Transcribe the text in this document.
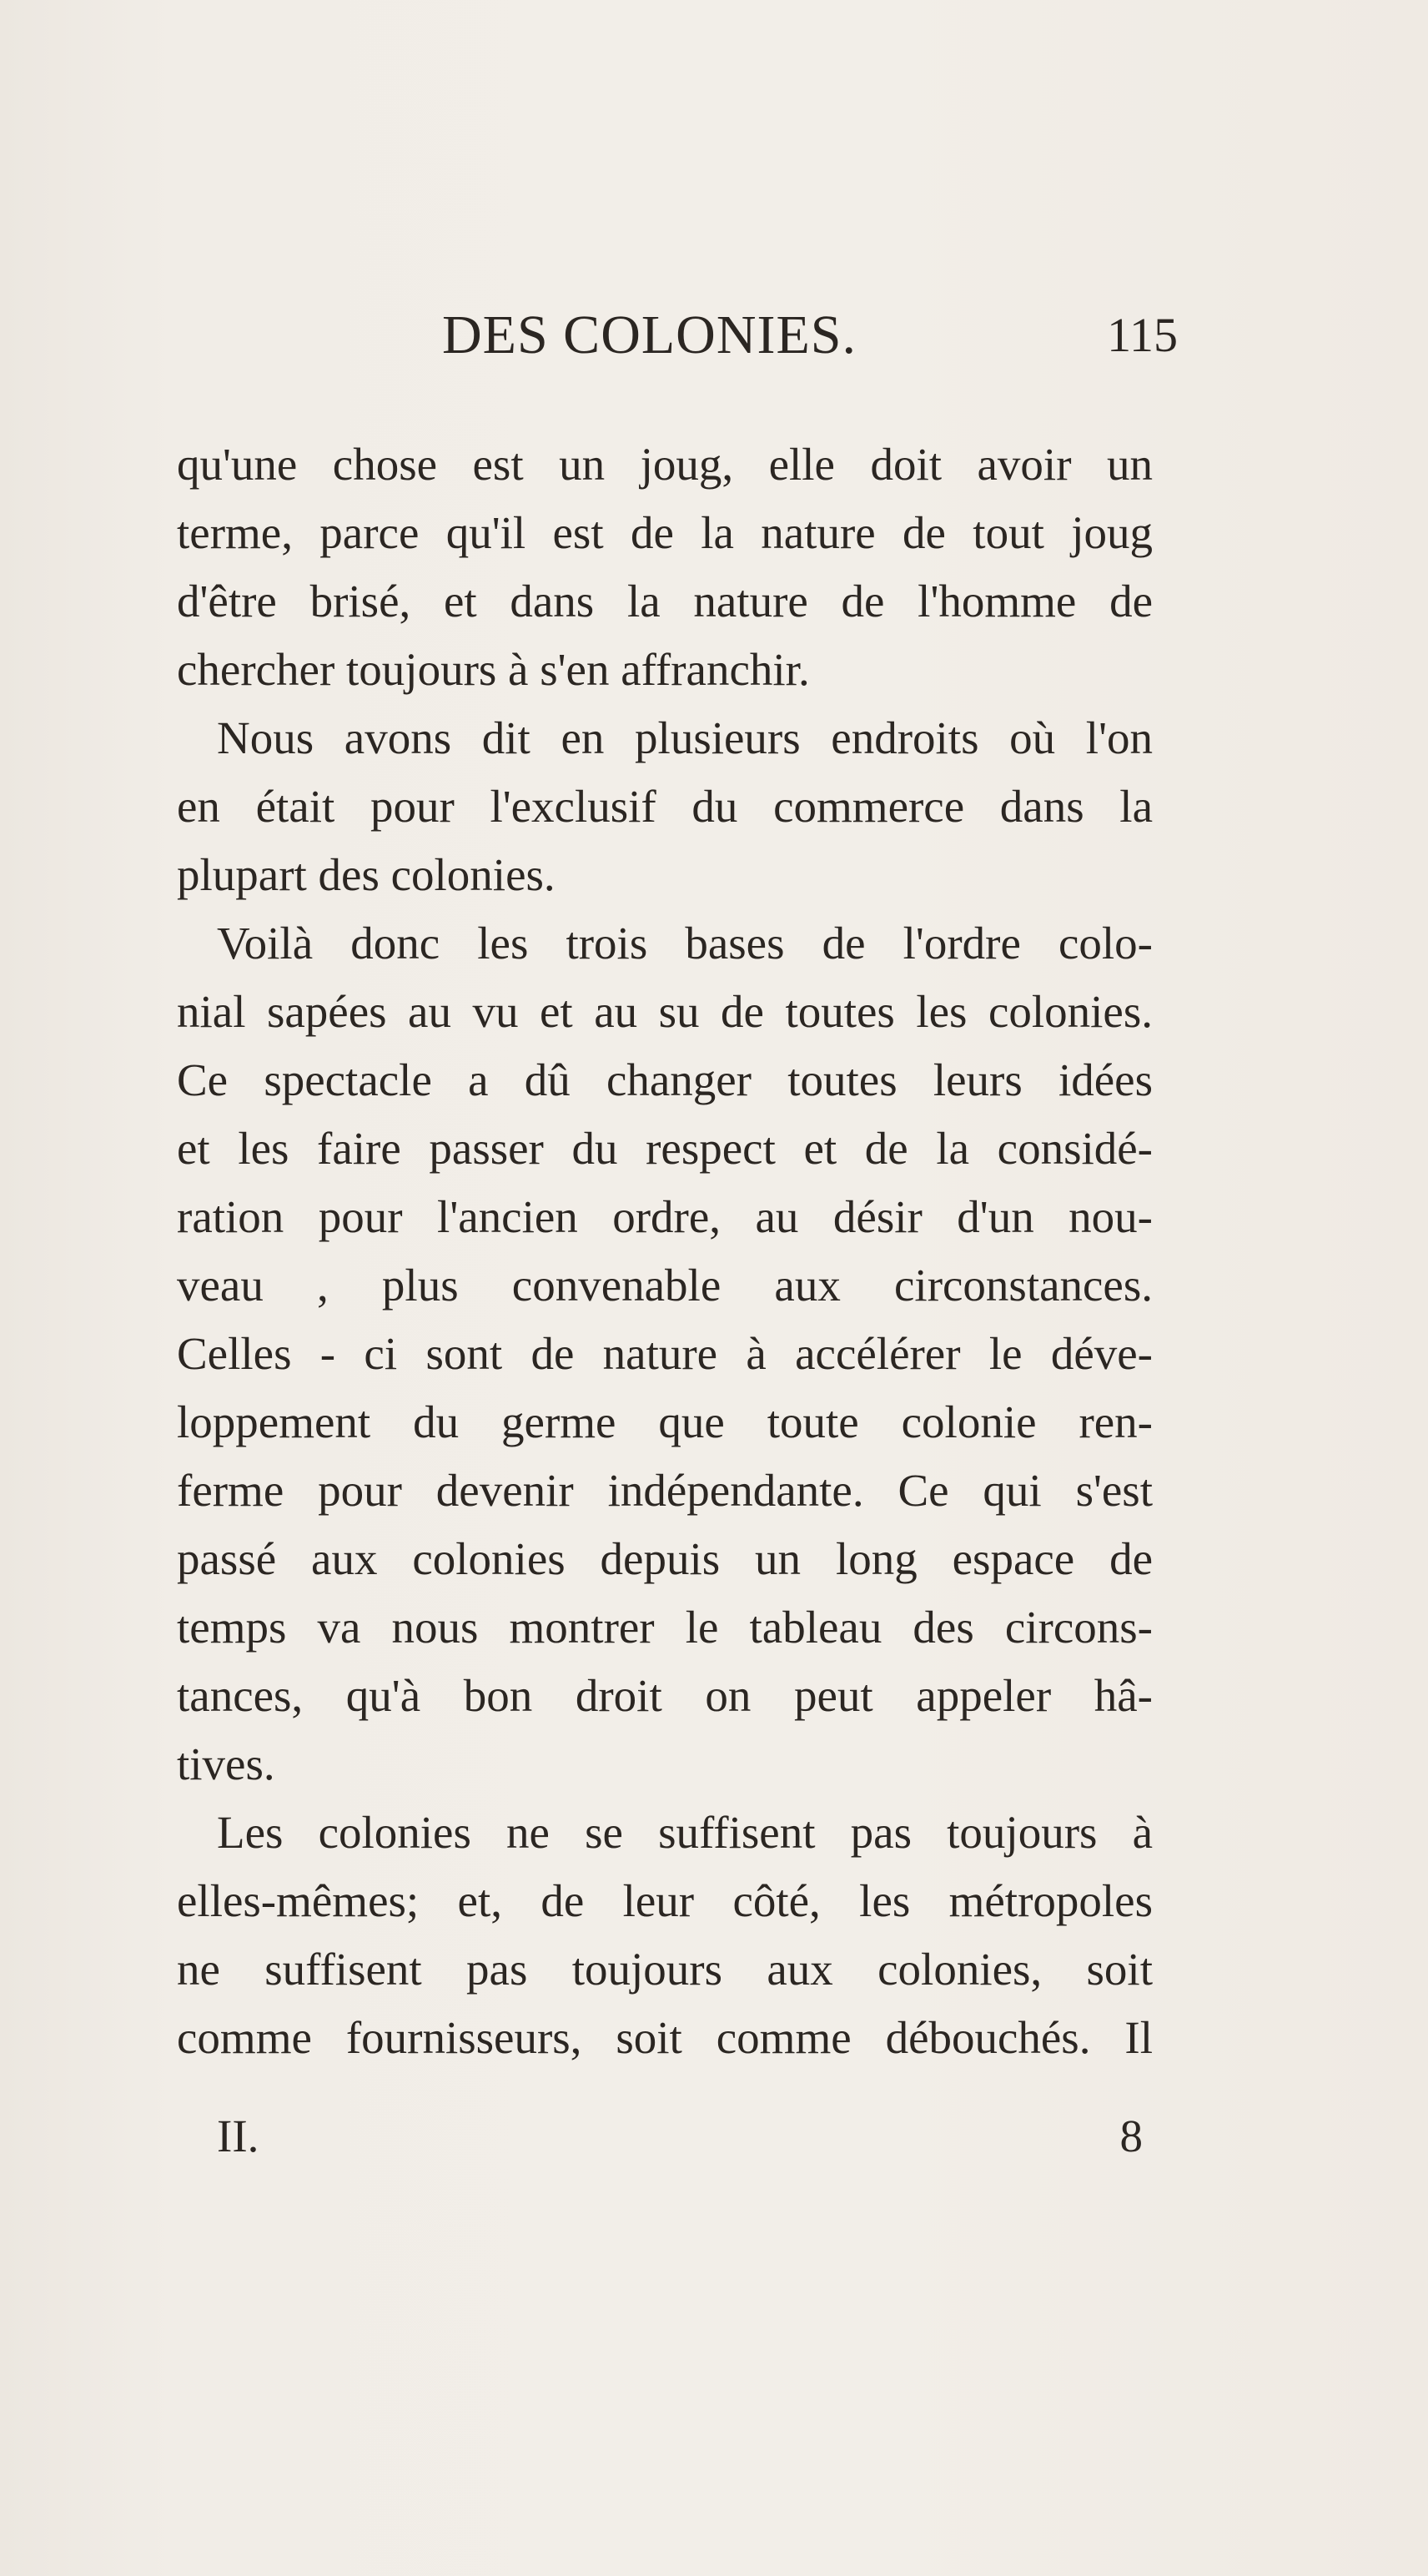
DES COLONIES.	115
qu'une chose est un joug, elle doit avoir un
terme, parce qu'il est de la nature de tout joug
d'être brisé, et dans la nature de l'homme de
chercher toujours à s'en affranchir.
Nous avons dit en plusieurs endroits où l'on
en était pour l'exclusif du commerce dans la
plupart des colonies.
Voilà donc les trois bases de l'ordre colo-
nial sapées au vu et au su de toutes les colonies.
Ce spectacle a dû changer toutes leurs idées
et les faire passer du respect et de la considé-
ration pour l'ancien ordre, au désir d'un nou-
veau , plus convenable aux circonstances.
Celles - ci sont de nature à accélérer le déve-
loppement du germe que toute colonie ren-
ferme pour devenir indépendante. Ce qui s'est
passé aux colonies depuis un long espace de
temps va nous montrer le tableau des circons-
tances, qu'à bon droit on peut appeler hâ-
tives.
Les colonies ne se suffisent pas toujours à
elles-mêmes; et, de leur côté, les métropoles
ne suffisent pas toujours aux colonies, soit
comme fournisseurs, soit comme débouchés. Il
II.	8
